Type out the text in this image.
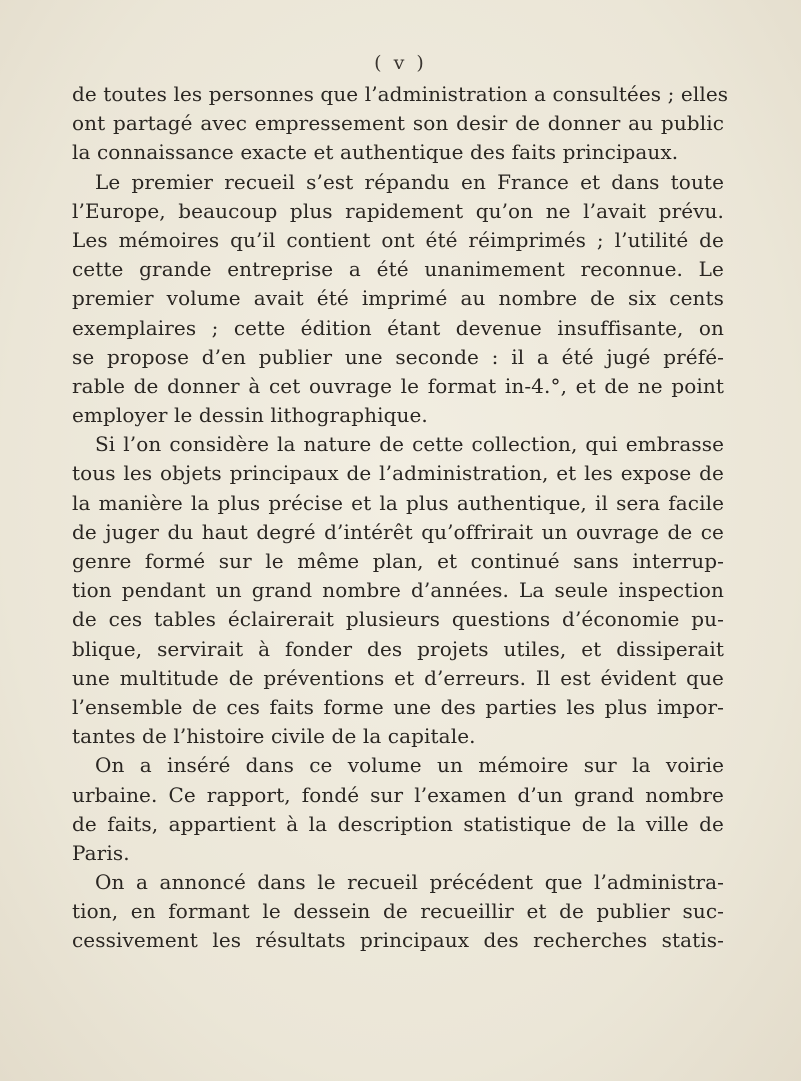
( v )
de toutes les personnes que l’administration a consultées ; elles
ont partagé avec empressement son desir de donner au public
la connaissance exacte et authentique des faits principaux.
Le premier recueil s’est répandu en France et dans toute
l’Europe, beaucoup plus rapidement qu’on ne l’avait prévu.
Les mémoires qu’il contient ont été réimprimés ; l’utilité de
cette grande entreprise a été unanimement reconnue. Le
premier volume avait été imprimé au nombre de six cents
exemplaires ; cette édition étant devenue insuffisante, on
se propose d’en publier une seconde : il a été jugé préfé-
rable de donner à cet ouvrage le format in-4.°, et de ne point
employer le dessin lithographique.
Si l’on considère la nature de cette collection, qui embrasse
tous les objets principaux de l’administration, et les expose de
la manière la plus précise et la plus authentique, il sera facile
de juger du haut degré d’intérêt qu’offrirait un ouvrage de ce
genre formé sur le même plan, et continué sans interrup-
tion pendant un grand nombre d’années. La seule inspection
de ces tables éclairerait plusieurs questions d’économie pu-
blique, servirait à fonder des projets utiles, et dissiperait
une multitude de préventions et d’erreurs. Il est évident que
l’ensemble de ces faits forme une des parties les plus impor-
tantes de l’histoire civile de la capitale.
On a inséré dans ce volume un mémoire sur la voirie
urbaine. Ce rapport, fondé sur l’examen d’un grand nombre
de faits, appartient à la description statistique de la ville de
Paris.
On a annoncé dans le recueil précédent que l’administra-
tion, en formant le dessein de recueillir et de publier suc-
cessivement les résultats principaux des recherches statis-
